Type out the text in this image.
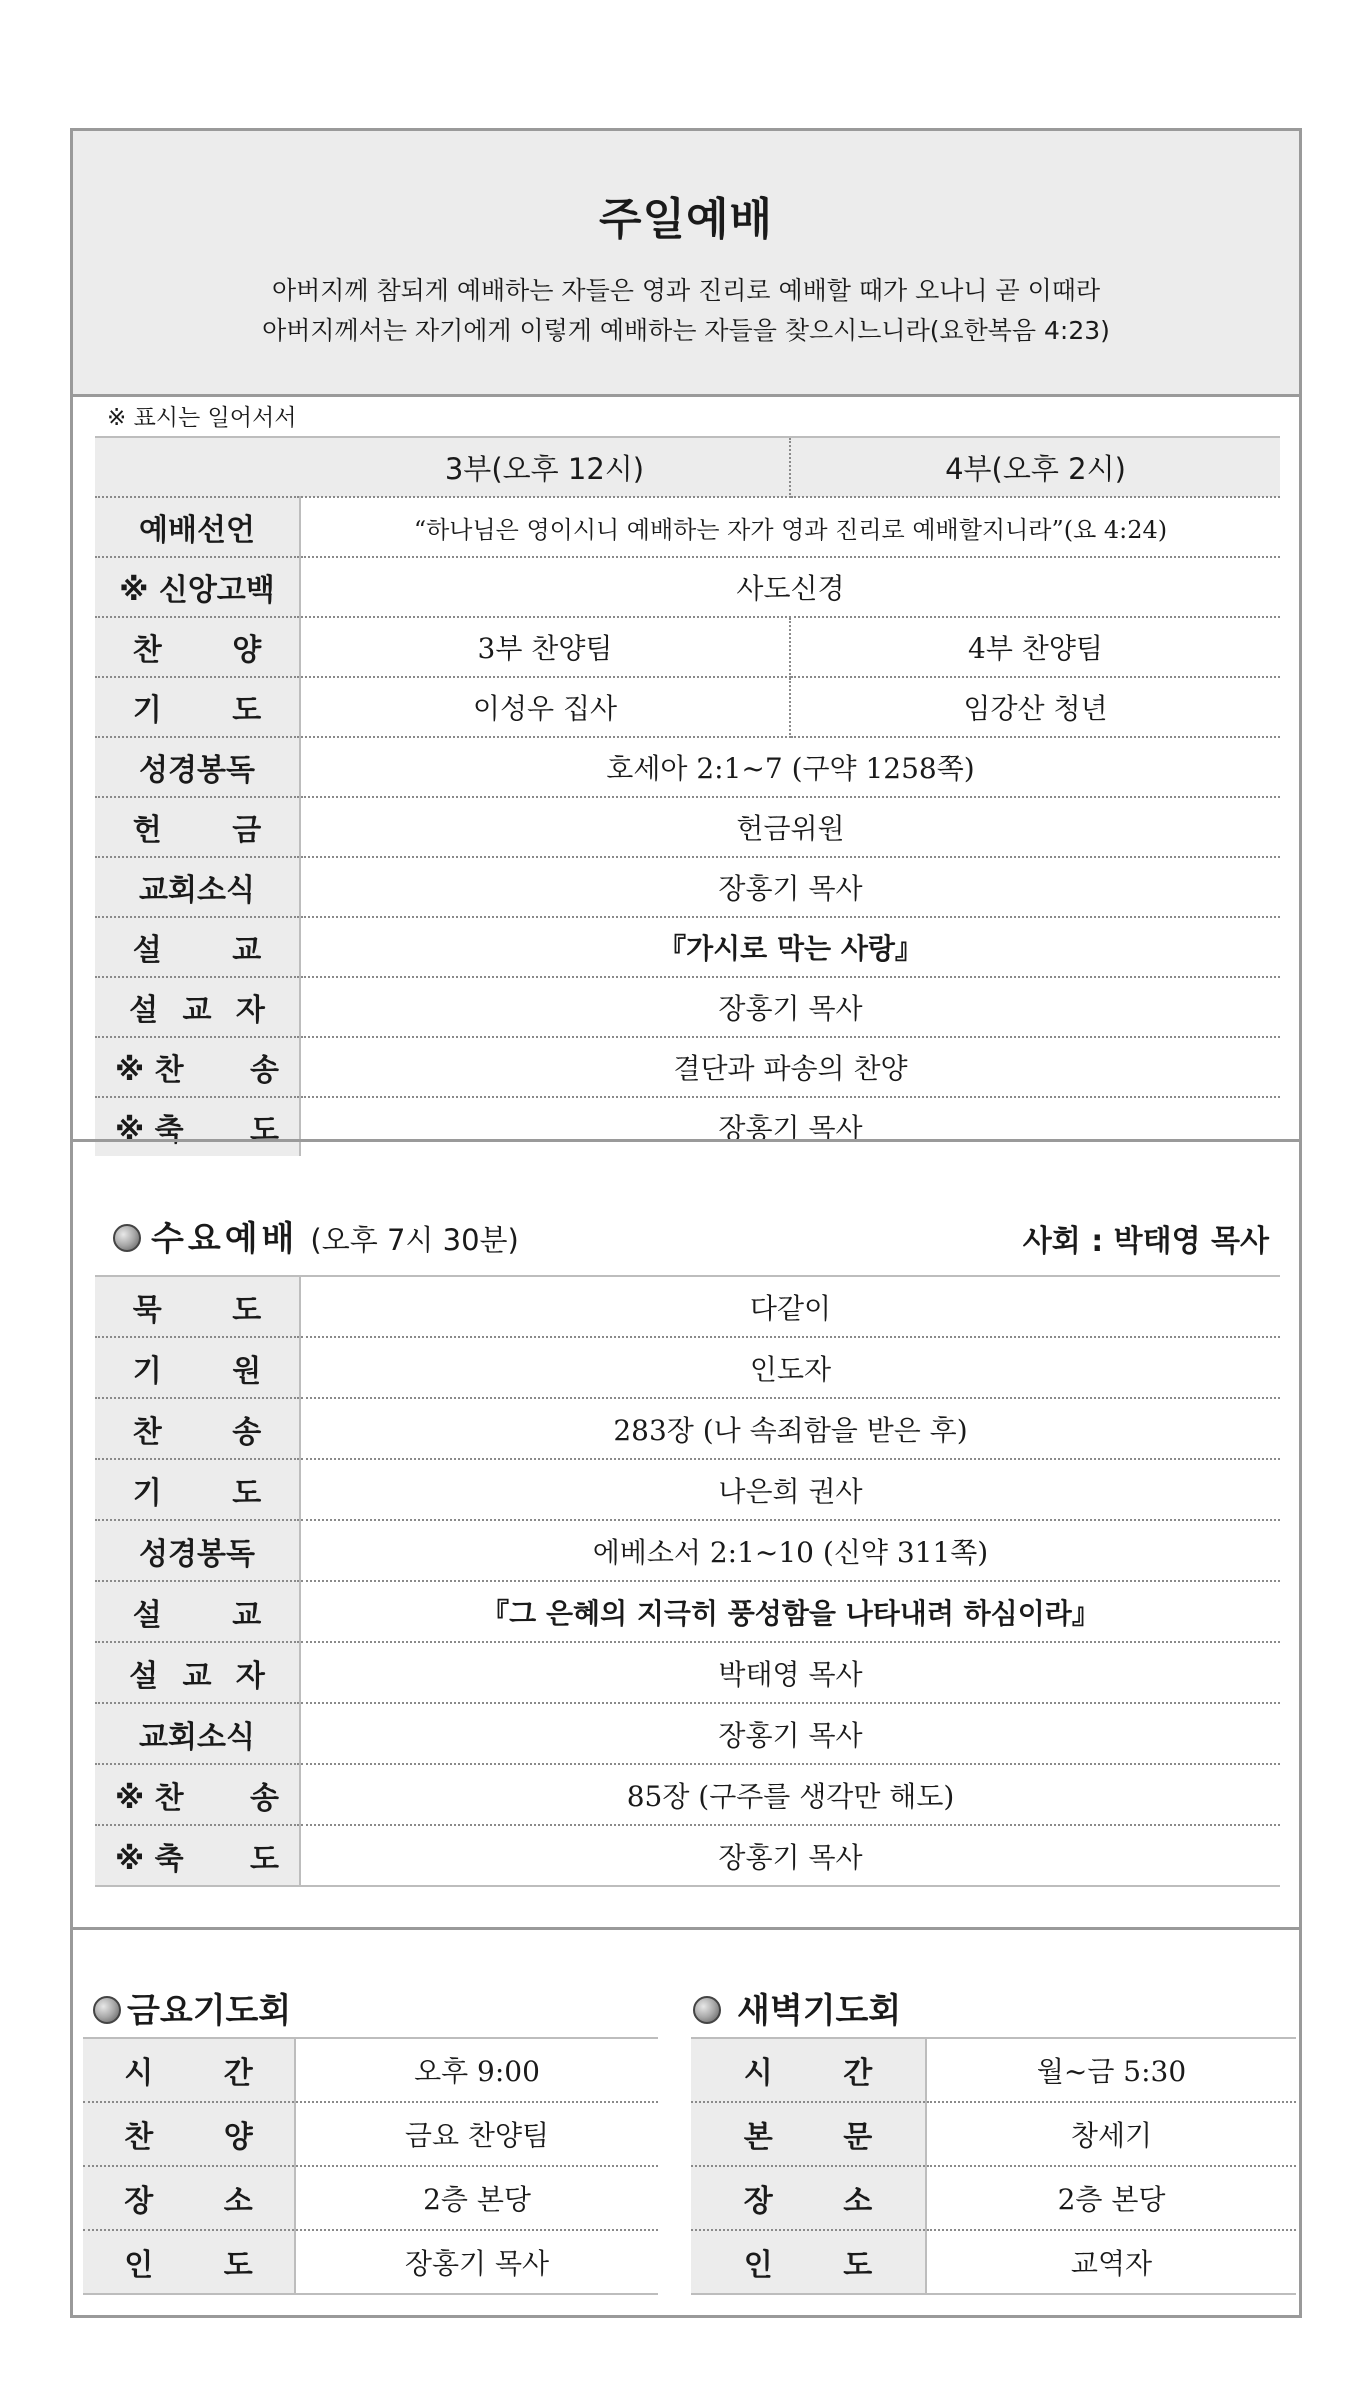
주일예배
아버지께 참되게 예배하는 자들은 영과 진리로 예배할 때가 오나니 곧 이때라
아버지께서는 자기에게 이렇게 예배하는 자들을 찾으시느니라(요한복음 4:23)
※ 표시는 일어서서
	3부(오후 12시)	4부(오후 2시)
예배선언	“하나님은 영이시니 예배하는 자가 영과 진리로 예배할지니라”(요 4:24)	
※ 신앙고백	사도신경	
찬 양	3부 찬양팀	4부 찬양팀
기 도	이성우 집사	임강산 청년
성경봉독	호세아 2:1~7 (구약 1258쪽)	
헌 금	헌금위원	
교회소식	장홍기 목사	
설 교	『가시로 막는 사랑』	
설 교 자	장홍기 목사	
※ 찬 송	결단과 파송의 찬양	
※ 축 도	장홍기 목사	
수요예배 (오후 7시 30분)	사회 : 박태영 목사
묵 도	다같이
기 원	인도자
찬 송	283장 (나 속죄함을 받은 후)
기 도	나은희 권사
성경봉독	에베소서 2:1~10 (신약 311쪽)
설 교	『그 은혜의 지극히 풍성함을 나타내려 하심이라』
설 교 자	박태영 목사
교회소식	장홍기 목사
※ 찬 송	85장 (구주를 생각만 해도)
※ 축 도	장홍기 목사
금요기도회	새벽기도회
시 간	오후 9:00
찬 양	금요 찬양팀
장 소	2층 본당
인 도	장홍기 목사
시 간	월~금 5:30
본 문	창세기
장 소	2층 본당
인 도	교역자
